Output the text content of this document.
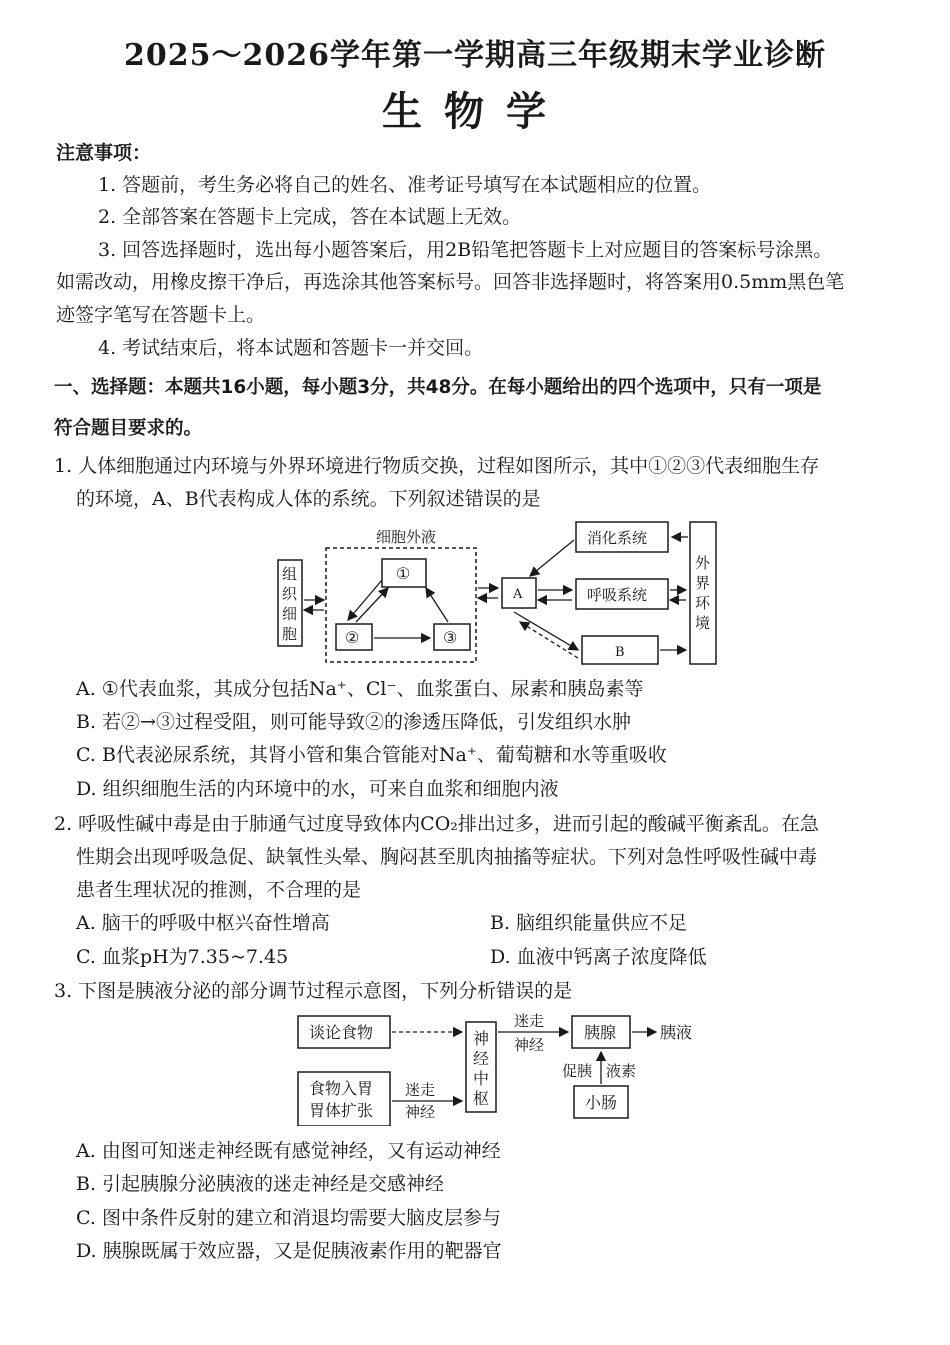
2025～2026学年第一学期高三年级期末学业诊断
生物学
注意事项：
1. 答题前，考生务必将自己的姓名、准考证号填写在本试题相应的位置。
2. 全部答案在答题卡上完成，答在本试题上无效。
3. 回答选择题时，选出每小题答案后，用2B铅笔把答题卡上对应题目的答案标号涂黑。
如需改动，用橡皮擦干净后，再选涂其他答案标号。回答非选择题时，将答案用0.5mm黑色笔
迹签字笔写在答题卡上。
4. 考试结束后，将本试题和答题卡一并交回。
一、选择题：本题共16小题，每小题3分，共48分。在每小题给出的四个选项中，只有一项是
符合题目要求的。
1. 人体细胞通过内环境与外界环境进行物质交换，过程如图所示，其中①②③代表细胞生存
的环境，A、B代表构成人体的系统。下列叙述错误的是
细胞外液
组
织
细
胞
①
②	③
A
消化系统
呼吸系统
B
外
界
环
境
A. ①代表血浆，其成分包括Na⁺、Cl⁻、血浆蛋白、尿素和胰岛素等
B. 若②→③过程受阻，则可能导致②的渗透压降低，引发组织水肿
C. B代表泌尿系统，其肾小管和集合管能对Na⁺、葡萄糖和水等重吸收
D. 组织细胞生活的内环境中的水，可来自血浆和细胞内液
2. 呼吸性碱中毒是由于肺通气过度导致体内CO₂排出过多，进而引起的酸碱平衡紊乱。在急
性期会出现呼吸急促、缺氧性头晕、胸闷甚至肌肉抽搐等症状。下列对急性呼吸性碱中毒
患者生理状况的推测，不合理的是
A. 脑干的呼吸中枢兴奋性增高	B. 脑组织能量供应不足
C. 血浆pH为7.35~7.45	D. 血液中钙离子浓度降低
3. 下图是胰液分泌的部分调节过程示意图，下列分析错误的是
谈论食物
食物入胃
胃体扩张
迷走
神经
神
经
中
枢
迷走
神经
胰腺	胰液
促胰 液素
小肠
A. 由图可知迷走神经既有感觉神经，又有运动神经
B. 引起胰腺分泌胰液的迷走神经是交感神经
C. 图中条件反射的建立和消退均需要大脑皮层参与
D. 胰腺既属于效应器，又是促胰液素作用的靶器官
